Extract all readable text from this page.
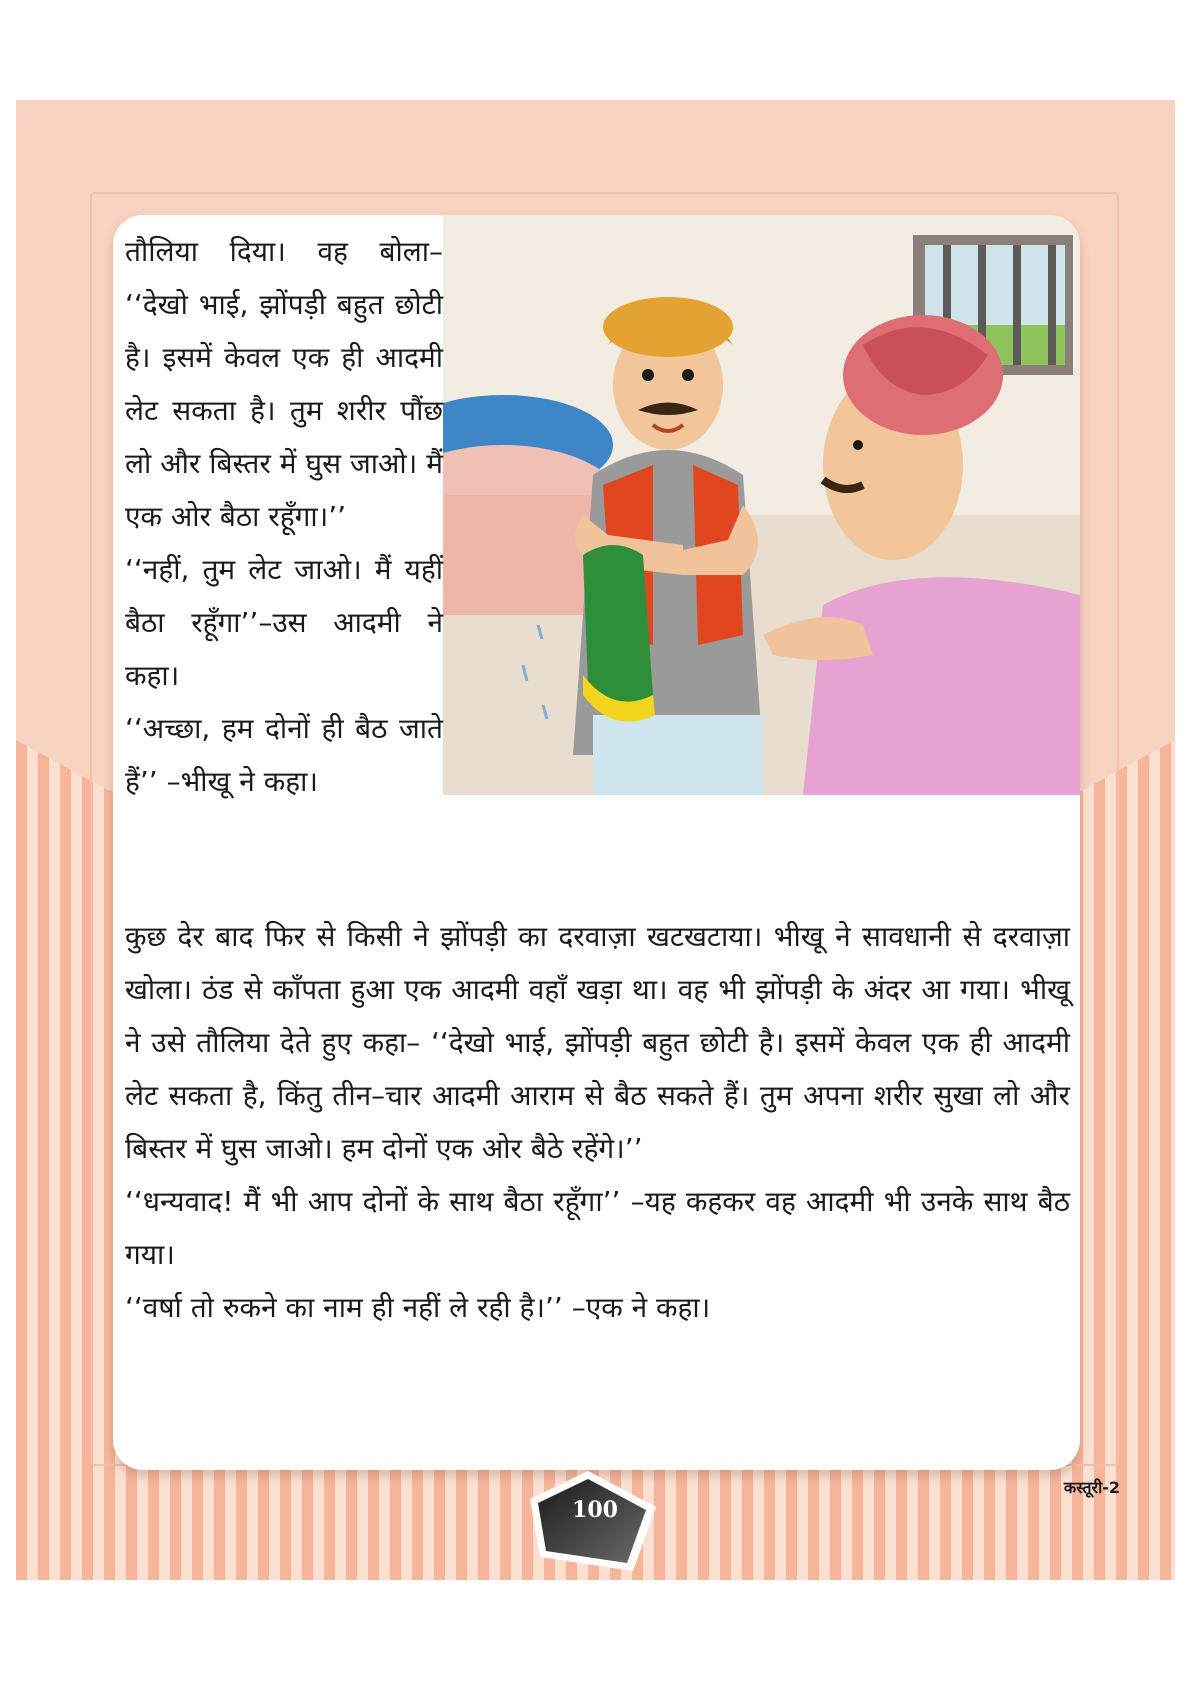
तौलिया दिया। वह बोला– ‘‘देखो भाई, झोंपड़ी बहुत छोटी है। इसमें केवल एक ही आदमी लेट सकता है। तुम शरीर पौंछ लो और बिस्तर में घुस जाओ। मैं एक ओर बैठा रहूँगा।’’

‘‘नहीं, तुम लेट जाओ। मैं यहीं बैठा रहूँगा’’–उस आदमी ने कहा।

‘‘अच्छा, हम दोनों ही बैठ जाते हैं’’ –भीखू ने कहा।

कुछ देर बाद फिर से किसी ने झोंपड़ी का दरवाज़ा खटखटाया। भीखू ने सावधानी से दरवाज़ा खोला। ठंड से काँपता हुआ एक आदमी वहाँ खड़ा था। वह भी झोंपड़ी के अंदर आ गया। भीखू ने उसे तौलिया देते हुए कहा– ‘‘देखो भाई, झोंपड़ी बहुत छोटी है। इसमें केवल एक ही आदमी लेट सकता है, किंतु तीन–चार आदमी आराम से बैठ सकते हैं। तुम अपना शरीर सुखा लो और बिस्तर में घुस जाओ। हम दोनों एक ओर बैठे रहेंगे।’’

‘‘धन्यवाद! मैं भी आप दोनों के साथ बैठा रहूँगा’’ –यह कहकर वह आदमी भी उनके साथ बैठ गया।

‘‘वर्षा तो रुकने का नाम ही नहीं ले रही है।’’ –एक ने कहा।

100
कस्तूरी-2
